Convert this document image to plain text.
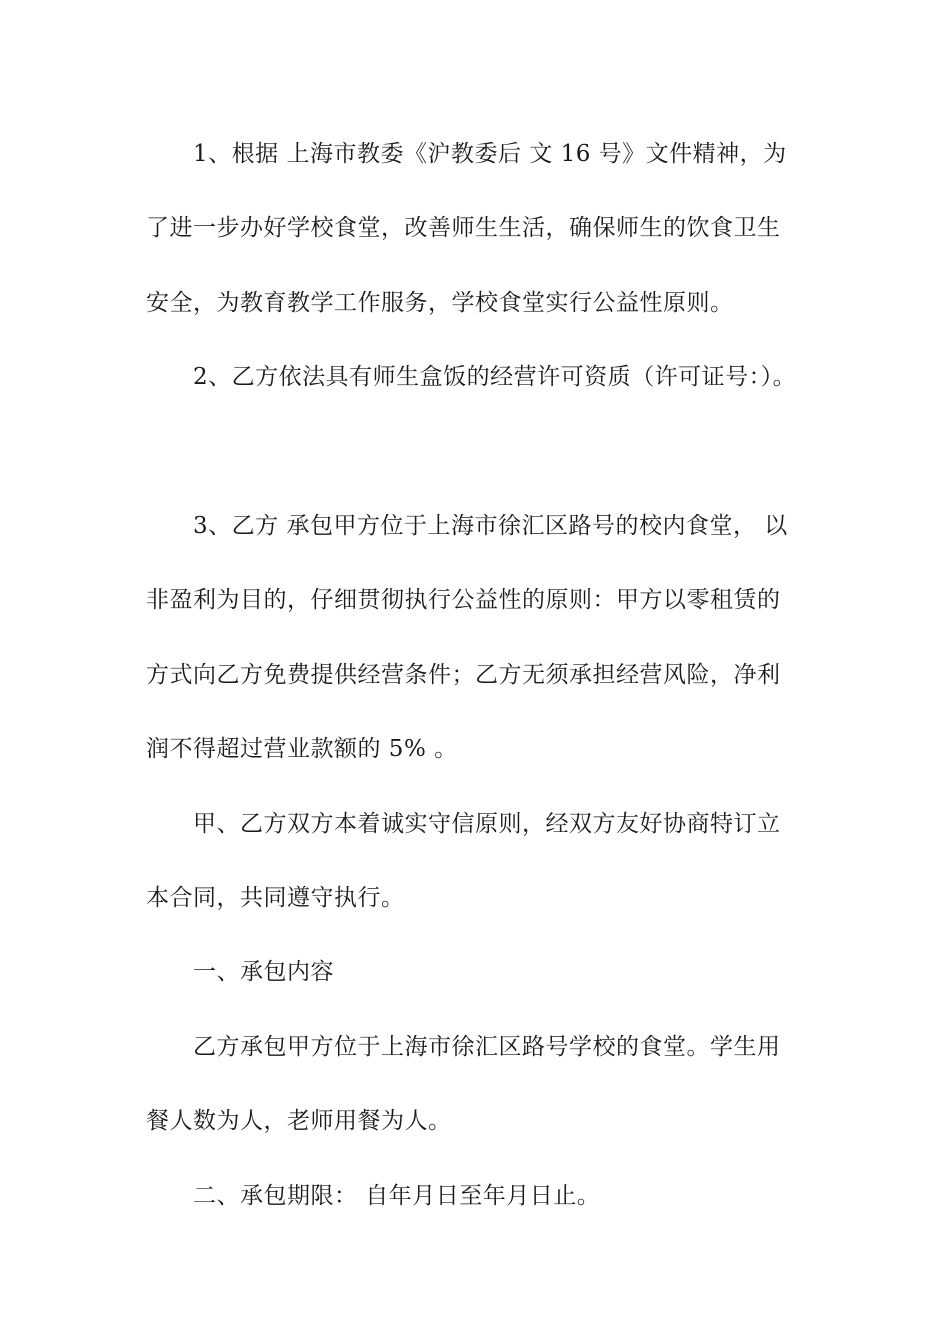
1、根据 上海市教委《沪教委后 文 16 号》文件精神，为
了进一步办好学校食堂，改善师生生活，确保师生的饮食卫生
安全，为教育教学工作服务，学校食堂实行公益性原则。
2、乙方依法具有师生盒饭的经营许可资质（许可证号：）。
3、乙方 承包甲方位于上海市徐汇区路号的校内食堂， 以
非盈利为目的，仔细贯彻执行公益性的原则：甲方以零租赁的
方式向乙方免费提供经营条件；乙方无须承担经营风险，净利
润不得超过营业款额的 5% 。
甲、乙方双方本着诚实守信原则，经双方友好协商特订立
本合同，共同遵守执行。
一、承包内容
乙方承包甲方位于上海市徐汇区路号学校的食堂。学生用
餐人数为人，老师用餐为人。
二、承包期限： 自年月日至年月日止。
